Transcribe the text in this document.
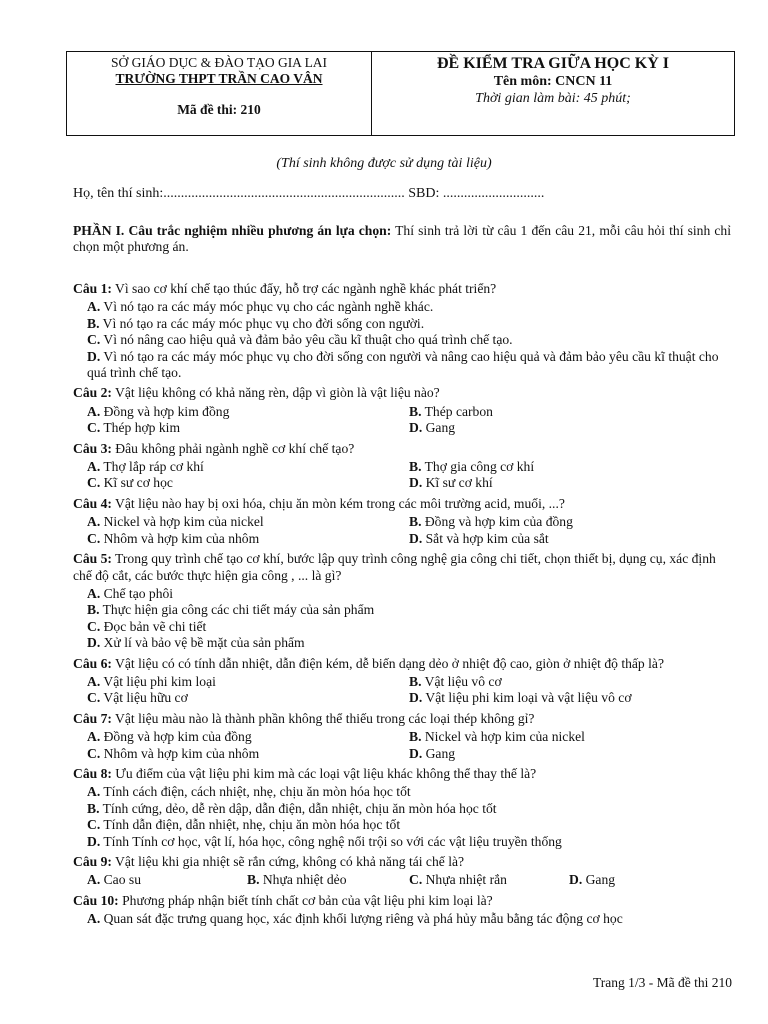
SỞ GIÁO DỤC & ĐÀO TẠO GIA LAI
TRƯỜNG THPT TRẦN CAO VÂN
Mã đề thi: 210
ĐỀ KIỂM TRA GIỮA HỌC KỲ I
Tên môn: CNCN 11
Thời gian làm bài: 45 phút;
(Thí sinh không được sử dụng tài liệu)
Họ, tên thí sinh:..................................................................... SBD: .............................
PHẦN I. Câu trắc nghiệm nhiều phương án lựa chọn: Thí sinh trả lời từ câu 1 đến câu 21, mỗi câu hỏi thí sinh chỉ chọn một phương án.
Câu 1: Vì sao cơ khí chế tạo thúc đẩy, hỗ trợ các ngành nghề khác phát triển?
A. Vì nó tạo ra các máy móc phục vụ cho các ngành nghề khác.
B. Vì nó tạo ra các máy móc phục vụ cho đời sống con người.
C. Vì nó nâng cao hiệu quả và đảm bảo yêu cầu kĩ thuật cho quá trình chế tạo.
D. Vì nó tạo ra các máy móc phục vụ cho đời sống con người và nâng cao hiệu quả và đảm bảo yêu cầu kĩ thuật cho quá trình chế tạo.
Câu 2: Vật liệu không có khả năng rèn, dập vì giòn là vật liệu nào?
A. Đồng và hợp kim đồng	B. Thép carbon
C. Thép hợp kim	D. Gang
Câu 3: Đâu không phải ngành nghề cơ khí chế tạo?
A. Thợ lắp ráp cơ khí	B. Thợ gia công cơ khí
C. Kĩ sư cơ học	D. Kĩ sư cơ khí
Câu 4: Vật liệu nào hay bị oxi hóa, chịu ăn mòn kém trong các môi trường acid, muối, ...?
A. Nickel và hợp kim của nickel	B. Đồng và hợp kim của đồng
C. Nhôm và hợp kim của nhôm	D. Sắt và hợp kim của sắt
Câu 5: Trong quy trình chế tạo cơ khí, bước lập quy trình công nghệ gia công chi tiết, chọn thiết bị, dụng cụ, xác định chế độ cắt, các bước thực hiện gia công , ... là gì?
A. Chế tạo phôi
B. Thực hiện gia công các chi tiết máy của sản phẩm
C. Đọc bản vẽ chi tiết
D. Xử lí và bảo vệ bề mặt của sản phẩm
Câu 6: Vật liệu có có tính dẫn nhiệt, dẫn điện kém, dễ biến dạng dẻo ở nhiệt độ cao, giòn ở nhiệt độ thấp là?
A. Vật liệu phi kim loại	B. Vật liệu vô cơ
C. Vật liệu hữu cơ	D. Vật liệu phi kim loại và vật liệu vô cơ
Câu 7: Vật liệu màu nào là thành phần không thể thiếu trong các loại thép không gỉ?
A. Đồng và hợp kim của đồng	B. Nickel và hợp kim của nickel
C. Nhôm và hợp kim của nhôm	D. Gang
Câu 8: Ưu điểm của vật liệu phi kim mà các loại vật liệu khác không thể thay thế là?
A. Tính cách điện, cách nhiệt, nhẹ, chịu ăn mòn hóa học tốt
B. Tính cứng, dẻo, dễ rèn dập, dẫn điện, dẫn nhiệt, chịu ăn mòn hóa học tốt
C. Tính dẫn điện, dẫn nhiệt, nhẹ, chịu ăn mòn hóa học tốt
D. Tính Tính cơ học, vật lí, hóa học, công nghệ nổi trội so với các vật liệu truyền thống
Câu 9: Vật liệu khi gia nhiệt sẽ rắn cứng, không có khả năng tái chế là?
A. Cao su	B. Nhựa nhiệt dẻo	C. Nhựa nhiệt rắn	D. Gang
Câu 10: Phương pháp nhận biết tính chất cơ bản của vật liệu phi kim loại là?
A. Quan sát đặc trưng quang học, xác định khối lượng riêng và phá hủy mẫu bằng tác động cơ học
Trang 1/3 - Mã đề thi 210
